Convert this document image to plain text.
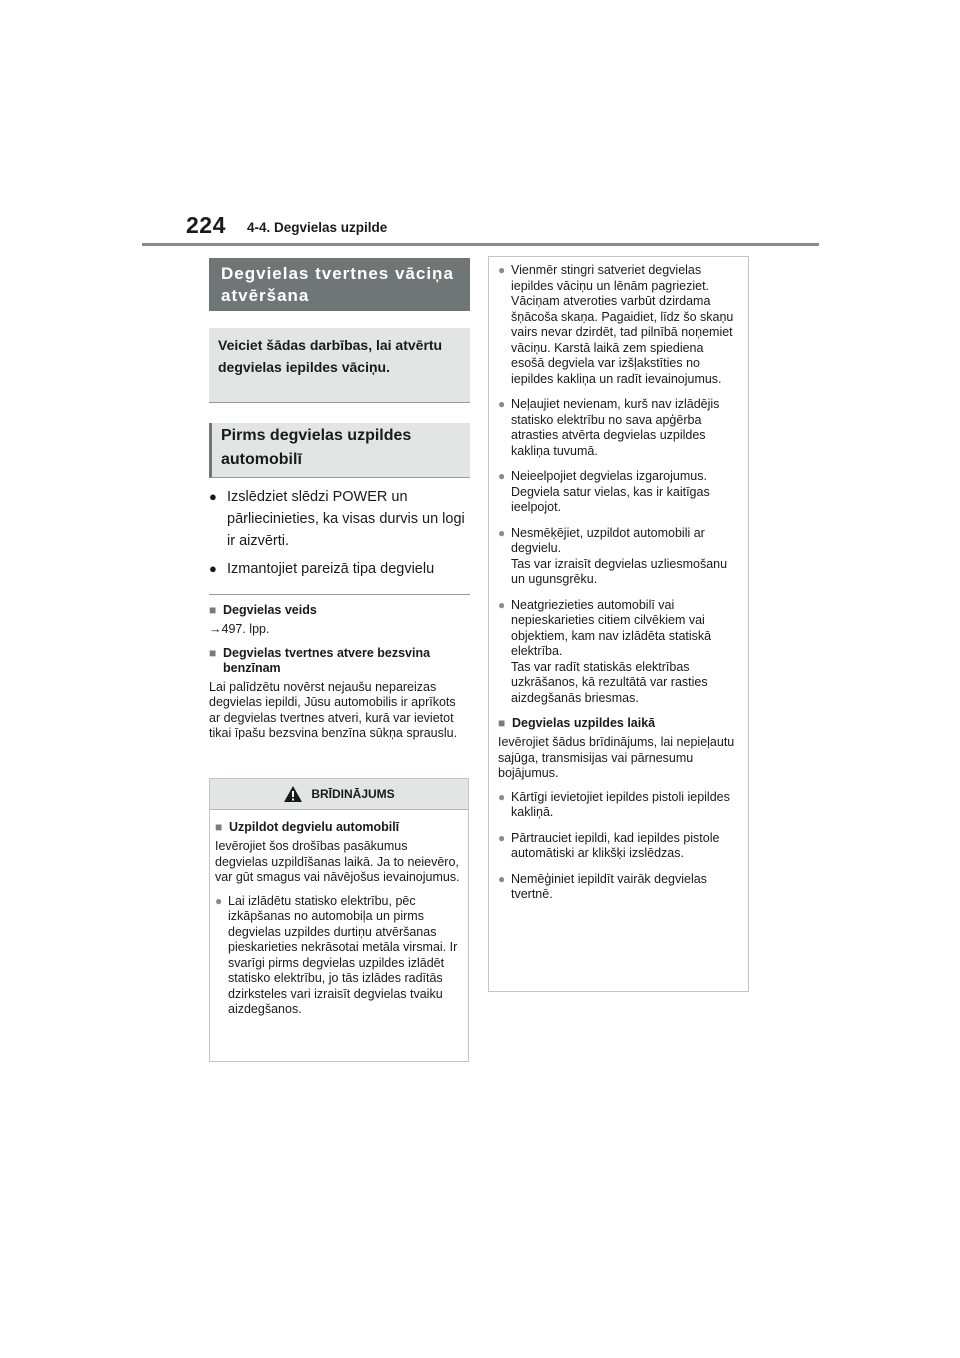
224 4-4. Degvielas uzpilde
Degvielas tvertnes vāciņa atvēršana
Veiciet šādas darbības, lai atvērtu degvielas iepildes vāciņu.
Pirms degvielas uzpildes automobilī
● Izslēdziet slēdzi POWER un pārliecinieties, ka visas durvis un logi ir aizvērti.
● Izmantojiet pareizā tipa degvielu
■ Degvielas veids
→497. lpp.
■ Degvielas tvertnes atvere bezsvina benzīnam
Lai palīdzētu novērst nejaušu nepareizas degvielas iepildi, Jūsu automobilis ir aprīkots ar degvielas tvertnes atveri, kurā var ievietot tikai īpašu bezsvina benzīna sūkņa sprauslu.
BRĪDINĀJUMS
■ Uzpildot degvielu automobilī
Ievērojiet šos drošības pasākumus degvielas uzpildīšanas laikā. Ja to neievēro, var gūt smagus vai nāvējošus ievainojumus.
● Lai izlādētu statisko elektrību, pēc izkāpšanas no automobiļa un pirms degvielas uzpildes durtiņu atvēršanas pieskarieties nekrāsotai metāla virsmai. Ir svarīgi pirms degvielas uzpildes izlādēt statisko elektrību, jo tās izlādes radītās dzirksteles vari izraisīt degvielas tvaiku aizdegšanos.
● Vienmēr stingri satveriet degvielas iepildes vāciņu un lēnām pagrieziet. Vāciņam atveroties varbūt dzirdama šņācoša skaņa. Pagaidiet, līdz šo skaņu vairs nevar dzirdēt, tad pilnībā noņemiet vāciņu. Karstā laikā zem spiediena esošā degviela var izšļakstīties no iepildes kakliņa un radīt ievainojumus.
● Neļaujiet nevienam, kurš nav izlādējis statisko elektrību no sava apģērba atrasties atvērta degvielas uzpildes kakliņa tuvumā.
● Neieelpojiet degvielas izgarojumus. Degviela satur vielas, kas ir kaitīgas ieelpojot.
● Nesmēķējiet, uzpildot automobili ar degvielu.
Tas var izraisīt degvielas uzliesmošanu un ugunsgrēku.
● Neatgriezieties automobilī vai nepieskarieties citiem cilvēkiem vai objektiem, kam nav izlādēta statiskā elektrība.
Tas var radīt statiskās elektrības uzkrāšanos, kā rezultātā var rasties aizdegšanās briesmas.
■ Degvielas uzpildes laikā
Ievērojiet šādus brīdinājums, lai nepieļautu sajūga, transmisijas vai pārnesumu bojājumus.
● Kārtīgi ievietojiet iepildes pistoli iepildes kakliņā.
● Pārtrauciet iepildi, kad iepildes pistole automātiski ar klikšķi izslēdzas.
● Nemēģiniet iepildīt vairāk degvielas tvertnē.
